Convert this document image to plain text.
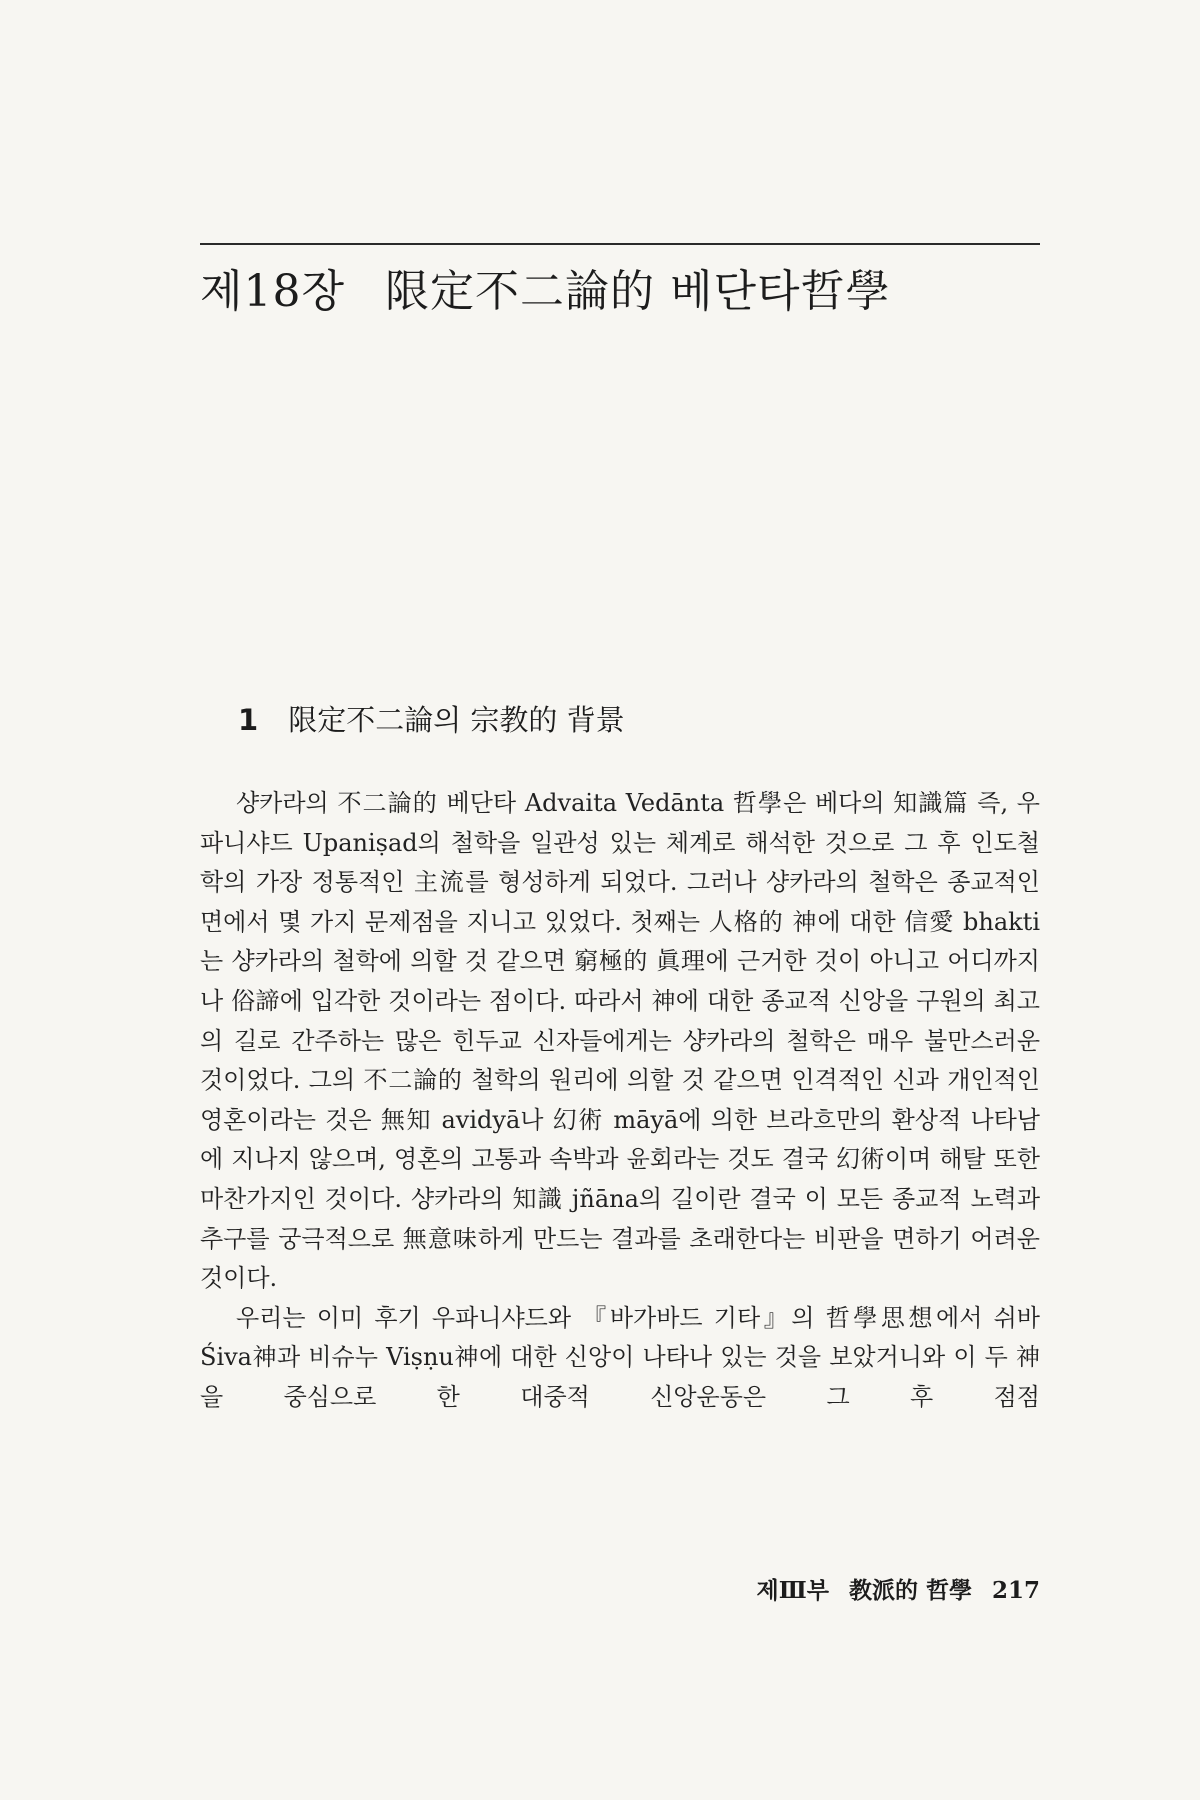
제18장 限定不二論的 베단타哲學
1 限定不二論의 宗教的 背景

샹카라의 不二論的 베단타 Advaita Vedānta 哲學은 베다의 知識篇 즉, 우파니샤드 Upaniṣad의 철학을 일관성 있는 체계로 해석한 것으로 그 후 인도철학의 가장 정통적인 主流를 형성하게 되었다. 그러나 샹카라의 철학은 종교적인 면에서 몇 가지 문제점을 지니고 있었다. 첫째는 人格的 神에 대한 信愛 bhakti는 샹카라의 철학에 의할 것 같으면 窮極的 眞理에 근거한 것이 아니고 어디까지나 俗諦에 입각한 것이라는 점이다. 따라서 神에 대한 종교적 신앙을 구원의 최고의 길로 간주하는 많은 힌두교 신자들에게는 샹카라의 철학은 매우 불만스러운 것이었다. 그의 不二論的 철학의 원리에 의할 것 같으면 인격적인 신과 개인적인 영혼이라는 것은 無知 avidyā나 幻術 māyā에 의한 브라흐만의 환상적 나타남에 지나지 않으며, 영혼의 고통과 속박과 윤회라는 것도 결국 幻術이며 해탈 또한 마찬가지인 것이다. 샹카라의 知識 jñāna의 길이란 결국 이 모든 종교적 노력과 추구를 궁극적으로 無意味하게 만드는 결과를 초래한다는 비판을 면하기 어려운 것이다.

우리는 이미 후기 우파니샤드와 『바가바드 기타』의 哲學思想에서 쉬바 Śiva神과 비슈누 Viṣṇu神에 대한 신앙이 나타나 있는 것을 보았거니와 이 두 神을 중심으로 한 대중적 신앙운동은 그 후 점점

제Ⅲ부 教派的 哲學 217
